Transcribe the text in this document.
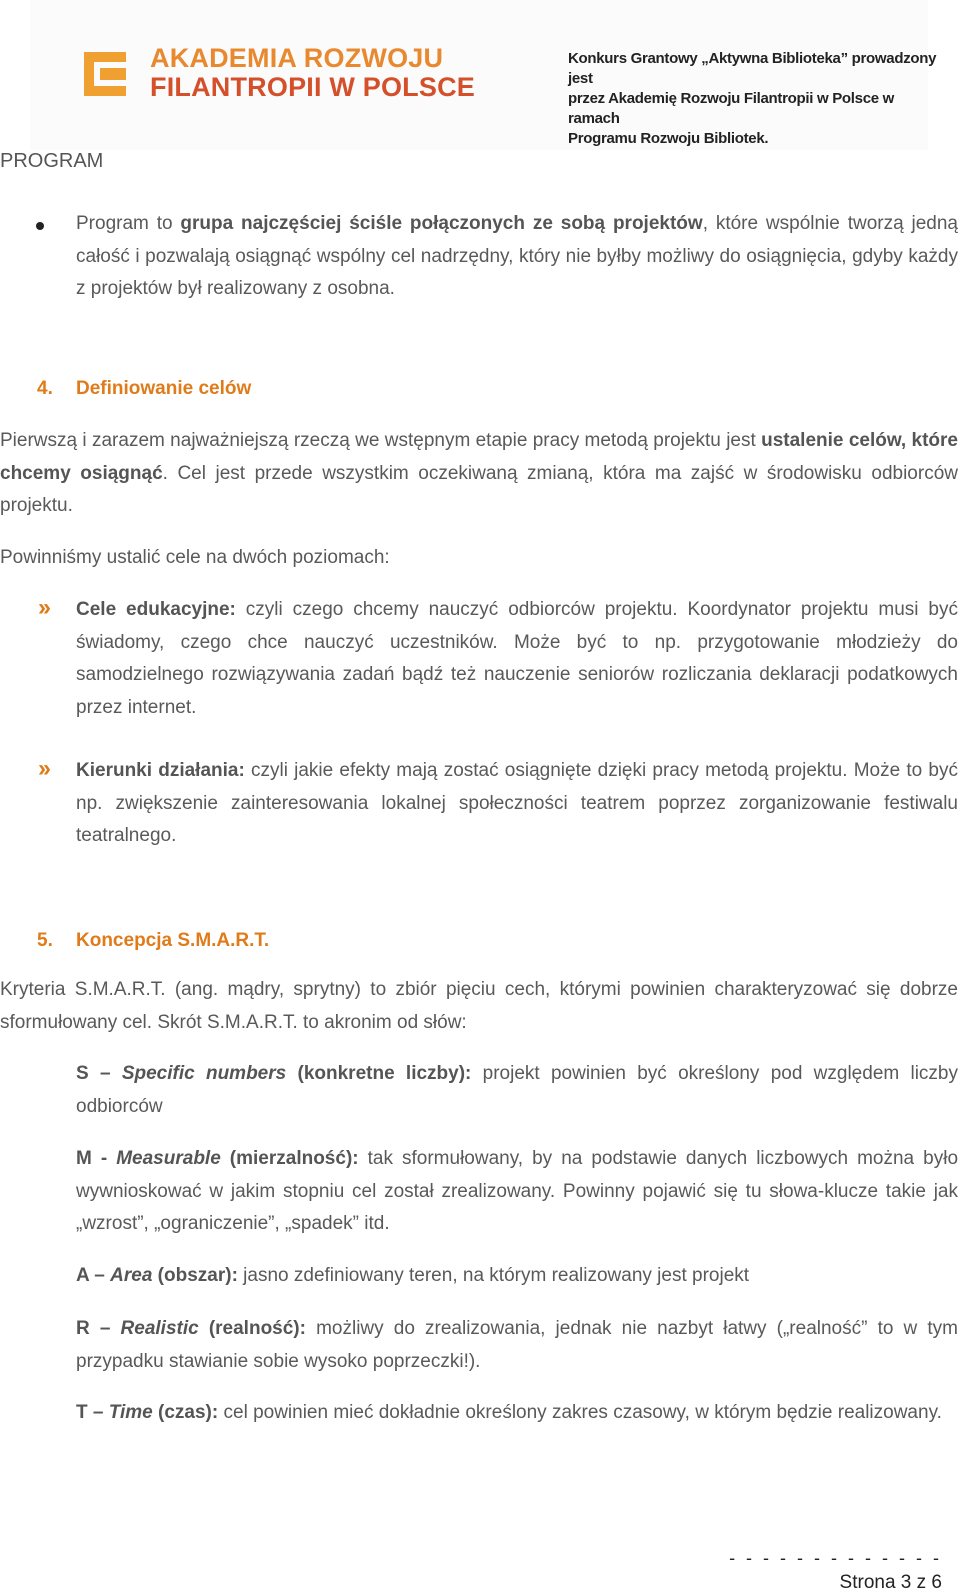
AKADEMIA ROZWOJU
FILANTROPII W POLSCE
Konkurs Grantowy „Aktywna Biblioteka” prowadzony jest
przez Akademię Rozwoju Filantropii w Polsce w ramach
Programu Rozwoju Bibliotek.
PROGRAM
Program to grupa najczęściej ściśle połączonych ze sobą projektów, które wspólnie tworzą jedną całość i pozwalają osiągnąć wspólny cel nadrzędny, który nie byłby możliwy do osiągnięcia, gdyby każdy z projektów był realizowany z osobna.
4. Definiowanie celów
Pierwszą i zarazem najważniejszą rzeczą we wstępnym etapie pracy metodą projektu jest ustalenie celów, które chcemy osiągnąć. Cel jest przede wszystkim oczekiwaną zmianą, która ma zajść w środowisku odbiorców projektu.
Powinniśmy ustalić cele na dwóch poziomach:
›› Cele edukacyjne: czyli czego chcemy nauczyć odbiorców projektu. Koordynator projektu musi być świadomy, czego chce nauczyć uczestników. Może być to np. przygotowanie młodzieży do samodzielnego rozwiązywania zadań bądź też nauczenie seniorów rozliczania deklaracji podatkowych przez internet.
›› Kierunki działania: czyli jakie efekty mają zostać osiągnięte dzięki pracy metodą projektu. Może to być np. zwiększenie zainteresowania lokalnej społeczności teatrem poprzez zorganizowanie festiwalu teatralnego.
5. Koncepcja S.M.A.R.T.
Kryteria S.M.A.R.T. (ang. mądry, sprytny) to zbiór pięciu cech, którymi powinien charakteryzować się dobrze sformułowany cel. Skrót S.M.A.R.T. to akronim od słów:
S – Specific numbers (konkretne liczby): projekt powinien być określony pod względem liczby odbiorców
M - Measurable (mierzalność): tak sformułowany, by na podstawie danych liczbowych można było wywnioskować w jakim stopniu cel został zrealizowany. Powinny pojawić się tu słowa-klucze takie jak „wzrost”, „ograniczenie”, „spadek” itd.
A – Area (obszar): jasno zdefiniowany teren, na którym realizowany jest projekt
R – Realistic (realność): możliwy do zrealizowania, jednak nie nazbyt łatwy („realność” to w tym przypadku stawianie sobie wysoko poprzeczki!).
T – Time (czas): cel powinien mieć dokładnie określony zakres czasowy, w którym będzie realizowany.
- - - - - - - - - - - - -
Strona 3 z 6
